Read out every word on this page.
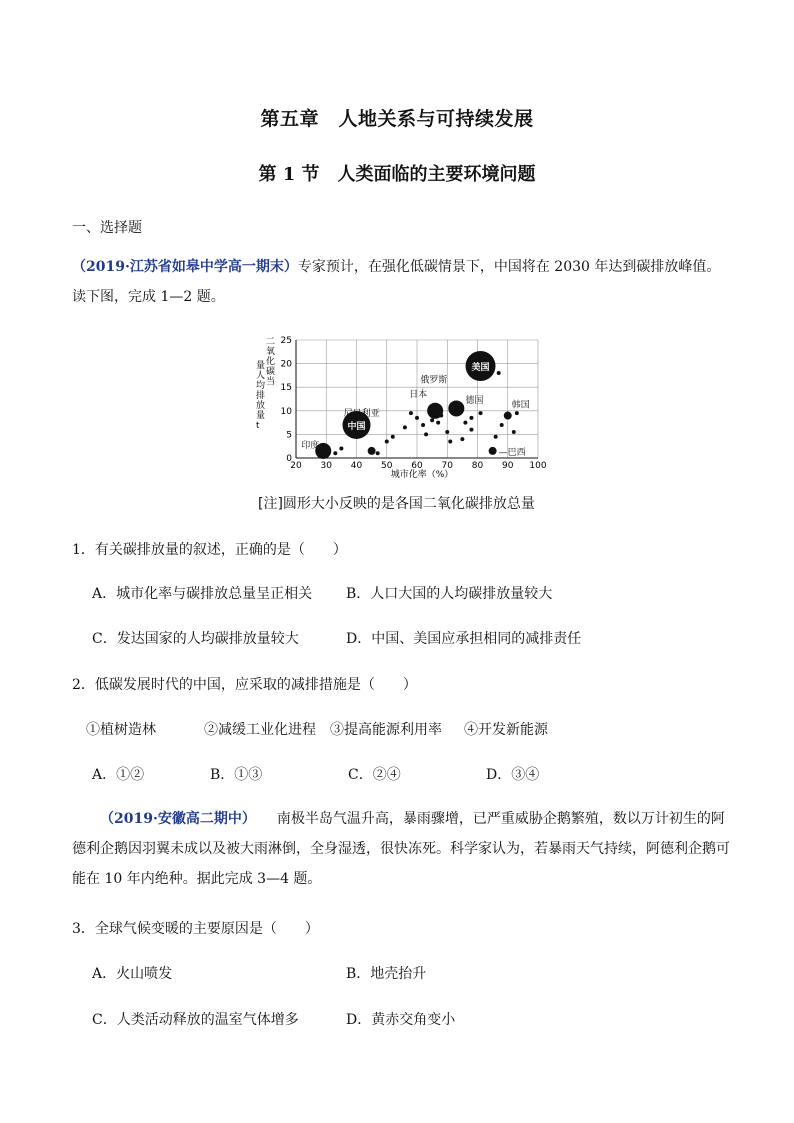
第五章　人地关系与可持续发展
第 1 节　人类面临的主要环境问题
一、选择题
（2019·江苏省如皋中学高一期末）专家预计，在强化低碳情景下，中国将在 2030 年达到碳排放峰值。读下图，完成 1—2 题。
0
5
10
15
20
25
20 30 40 50 60 70 80 90 100
美国
中国
印度
俄罗斯
日本
德国	韩国
尼日利亚
—巴西
城市化率（%）
二氧化碳当量人均排放量 t
[注]圆形大小反映的是各国二氧化碳排放总量
1．有关碳排放量的叙述，正确的是（　　）
A．城市化率与碳排放总量呈正相关 B．人口大国的人均碳排放量较大
C．发达国家的人均碳排放量较大	D．中国、美国应承担相同的减排责任
2．低碳发展时代的中国，应采取的减排措施是（　　）
①植树造林	②减缓工业化进程 ③提高能源利用率 ④开发新能源
A．①②	B．①③	C．②④	D．③④
（2019·安徽高二期中）　　 南极半岛气温升高，暴雨骤增，已严重威胁企鹅繁殖，数以万计初生的阿德利企鹅因羽翼未成以及被大雨淋倒，全身湿透，很快冻死。科学家认为，若暴雨天气持续，阿德利企鹅可能在 10 年内绝种。据此完成 3—4 题。
3．全球气候变暖的主要原因是（　　）
A．火山喷发	B．地壳抬升
C．人类活动释放的温室气体增多	D．黄赤交角变小
